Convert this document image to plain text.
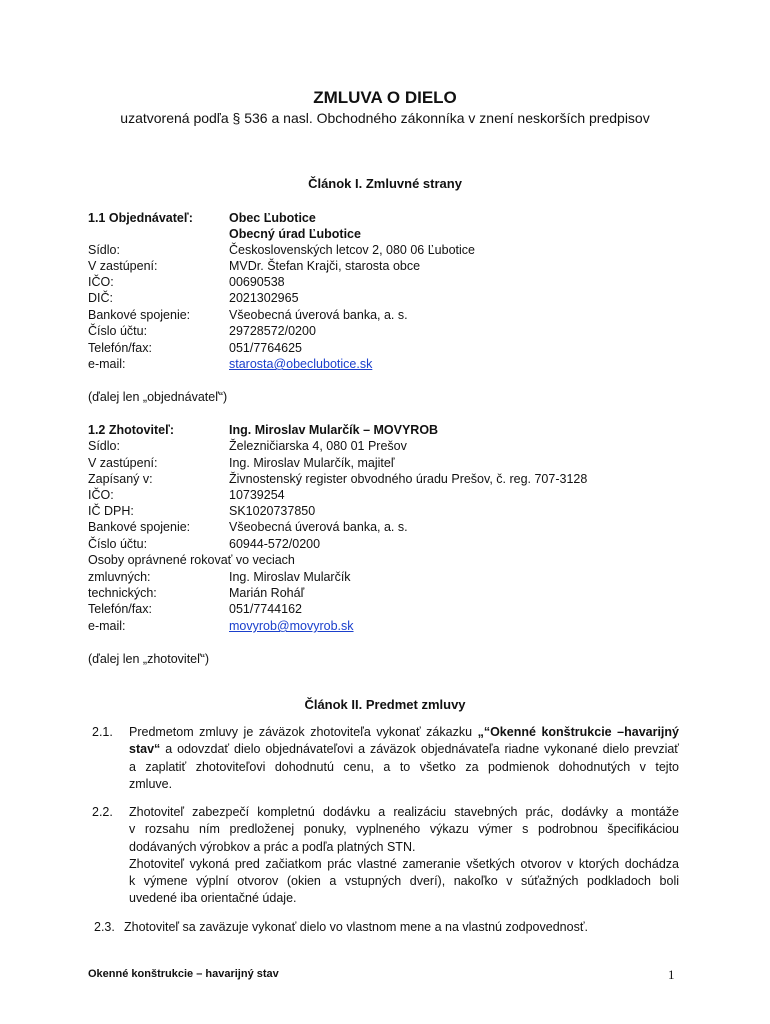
ZMLUVA O DIELO
uzatvorená podľa § 536 a nasl. Obchodného zákonníka v znení neskorších predpisov
Článok I. Zmluvné strany
1.1 Objednávateľ:	Obec Ľubotice
Obecný úrad Ľubotice
Sídlo:	Československých letcov 2, 080 06 Ľubotice
V zastúpení:	MVDr. Štefan Krajči, starosta obce
IČO:	00690538
DIČ:	2021302965
Bankové spojenie:	Všeobecná úverová banka, a. s.
Číslo účtu:	29728572/0200
Telefón/fax:	051/7764625
e-mail:	starosta@obeclubotice.sk
(ďalej len „objednávateľ“)
1.2 Zhotoviteľ:	Ing. Miroslav Mularčík – MOVYROB
Sídlo:	Železničiarska 4, 080 01 Prešov
V zastúpení:	Ing. Miroslav Mularčík, majiteľ
Zapísaný v:	Živnostenský register obvodného úradu Prešov, č. reg. 707-3128
IČO:	10739254
IČ DPH:	SK1020737850
Bankové spojenie:	Všeobecná úverová banka, a. s.
Číslo účtu:	60944-572/0200
Osoby oprávnené rokovať vo veciach
zmluvných:	Ing. Miroslav Mularčík
technických:	Marián Roháľ
Telefón/fax:	051/7744162
e-mail:	movyrob@movyrob.sk
(ďalej len „zhotoviteľ“)
Článok II. Predmet zmluvy
2.1. Predmetom zmluvy je záväzok zhotoviteľa vykonať zákazku „“Okenné konštrukcie –havarijný
stav“ a odovzdať dielo objednávateľovi a záväzok objednávateľa riadne vykonané dielo prevziať
a zaplatiť zhotoviteľovi dohodnutú cenu, a to všetko za podmienok dohodnutých v tejto
zmluve.
2.2. Zhotoviteľ zabezpečí kompletnú dodávku a realizáciu stavebných prác, dodávky a montáže
v rozsahu ním predloženej ponuky, vyplneného výkazu výmer s podrobnou špecifikáciou
dodávaných výrobkov a prác a podľa platných STN.
Zhotoviteľ vykoná pred začiatkom prác vlastné zameranie všetkých otvorov v ktorých dochádza
k výmene výplní otvorov (okien a vstupných dverí), nakoľko v súťažných podkladoch boli
uvedené iba orientačné údaje.
2.3. Zhotoviteľ sa zaväzuje vykonať dielo vo vlastnom mene a na vlastnú zodpovednosť.
Okenné konštrukcie – havarijný stav	1
